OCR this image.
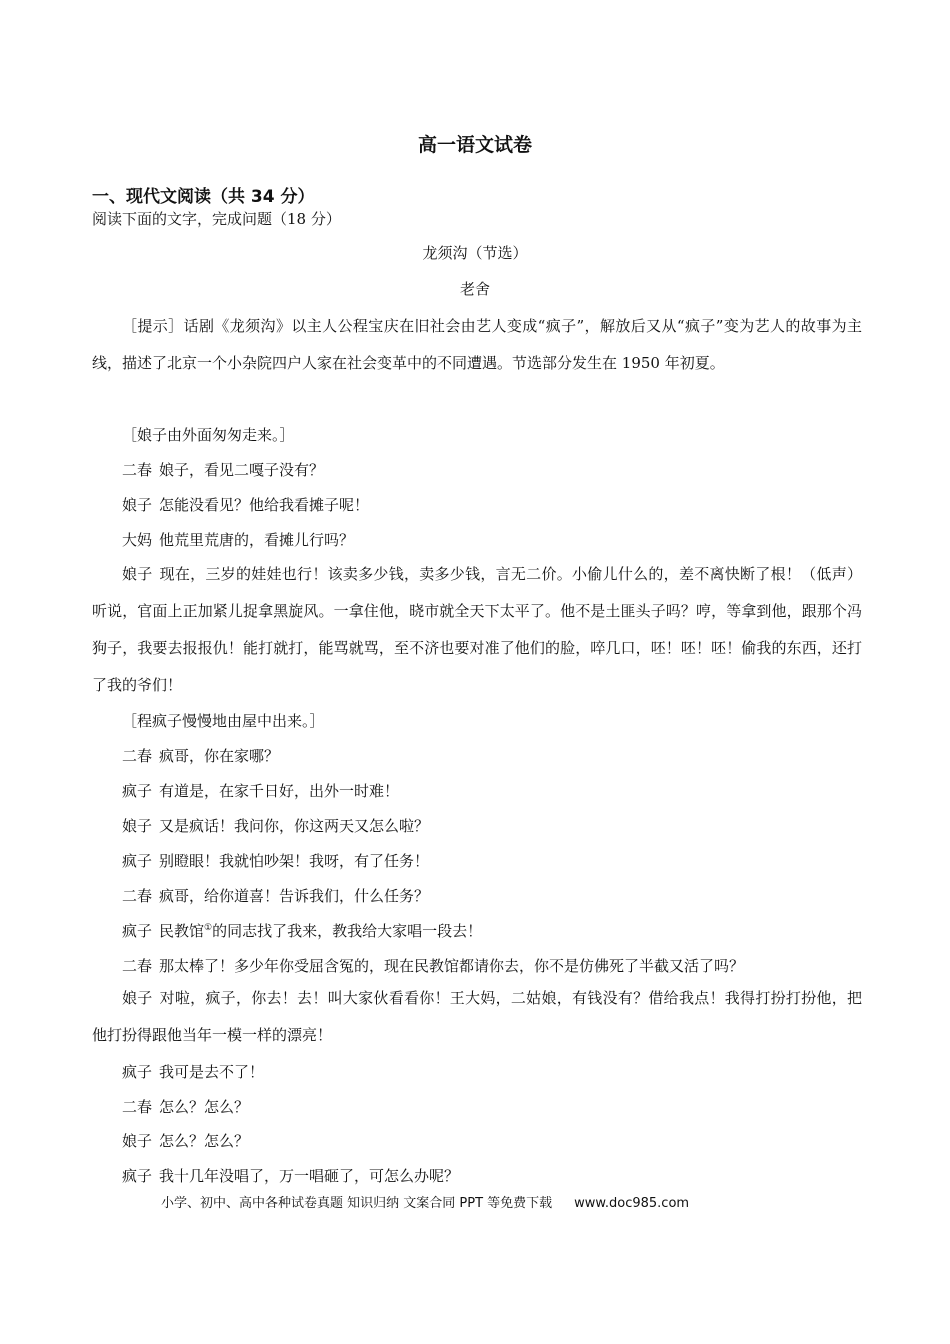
高一语文试卷
一、现代文阅读（共 34 分）
阅读下面的文字，完成问题（18 分）
龙须沟（节选）
老舍
［提示］话剧《龙须沟》以主人公程宝庆在旧社会由艺人变成“疯子”，解放后又从“疯子”变为艺人的故事为主线，描述了北京一个小杂院四户人家在社会变革中的不同遭遇。节选部分发生在 1950 年初夏。
［娘子由外面匆匆走来。］
二春 娘子，看见二嘎子没有？
娘子 怎能没看见？他给我看摊子呢！
大妈 他荒里荒唐的，看摊儿行吗？
娘子 现在，三岁的娃娃也行！该卖多少钱，卖多少钱，言无二价。小偷儿什么的，差不离快断了根！（低声）听说，官面上正加紧儿捉拿黑旋风。一拿住他，晓市就全天下太平了。他不是土匪头子吗？哼，等拿到他，跟那个冯狗子，我要去报报仇！能打就打，能骂就骂，至不济也要对准了他们的脸，啐几口，呸！呸！呸！偷我的东西，还打了我的爷们！
［程疯子慢慢地由屋中出来。］
二春 疯哥，你在家哪？
疯子 有道是，在家千日好，出外一时难！
娘子 又是疯话！我问你，你这两天又怎么啦？
疯子 别瞪眼！我就怕吵架！我呀，有了任务！
二春 疯哥，给你道喜！告诉我们，什么任务？
疯子 民教馆①的同志找了我来，教我给大家唱一段去！
二春 那太棒了！多少年你受屈含冤的，现在民教馆都请你去，你不是仿佛死了半截又活了吗？
娘子 对啦，疯子，你去！去！叫大家伙看看你！王大妈，二姑娘，有钱没有？借给我点！我得打扮打扮他，把他打扮得跟他当年一模一样的漂亮！
疯子 我可是去不了！
二春 怎么？怎么？
娘子 怎么？怎么？
疯子 我十几年没唱了，万一唱砸了，可怎么办呢？
小学、初中、高中各种试卷真题 知识归纳 文案合同 PPT 等免费下载 www.doc985.com
